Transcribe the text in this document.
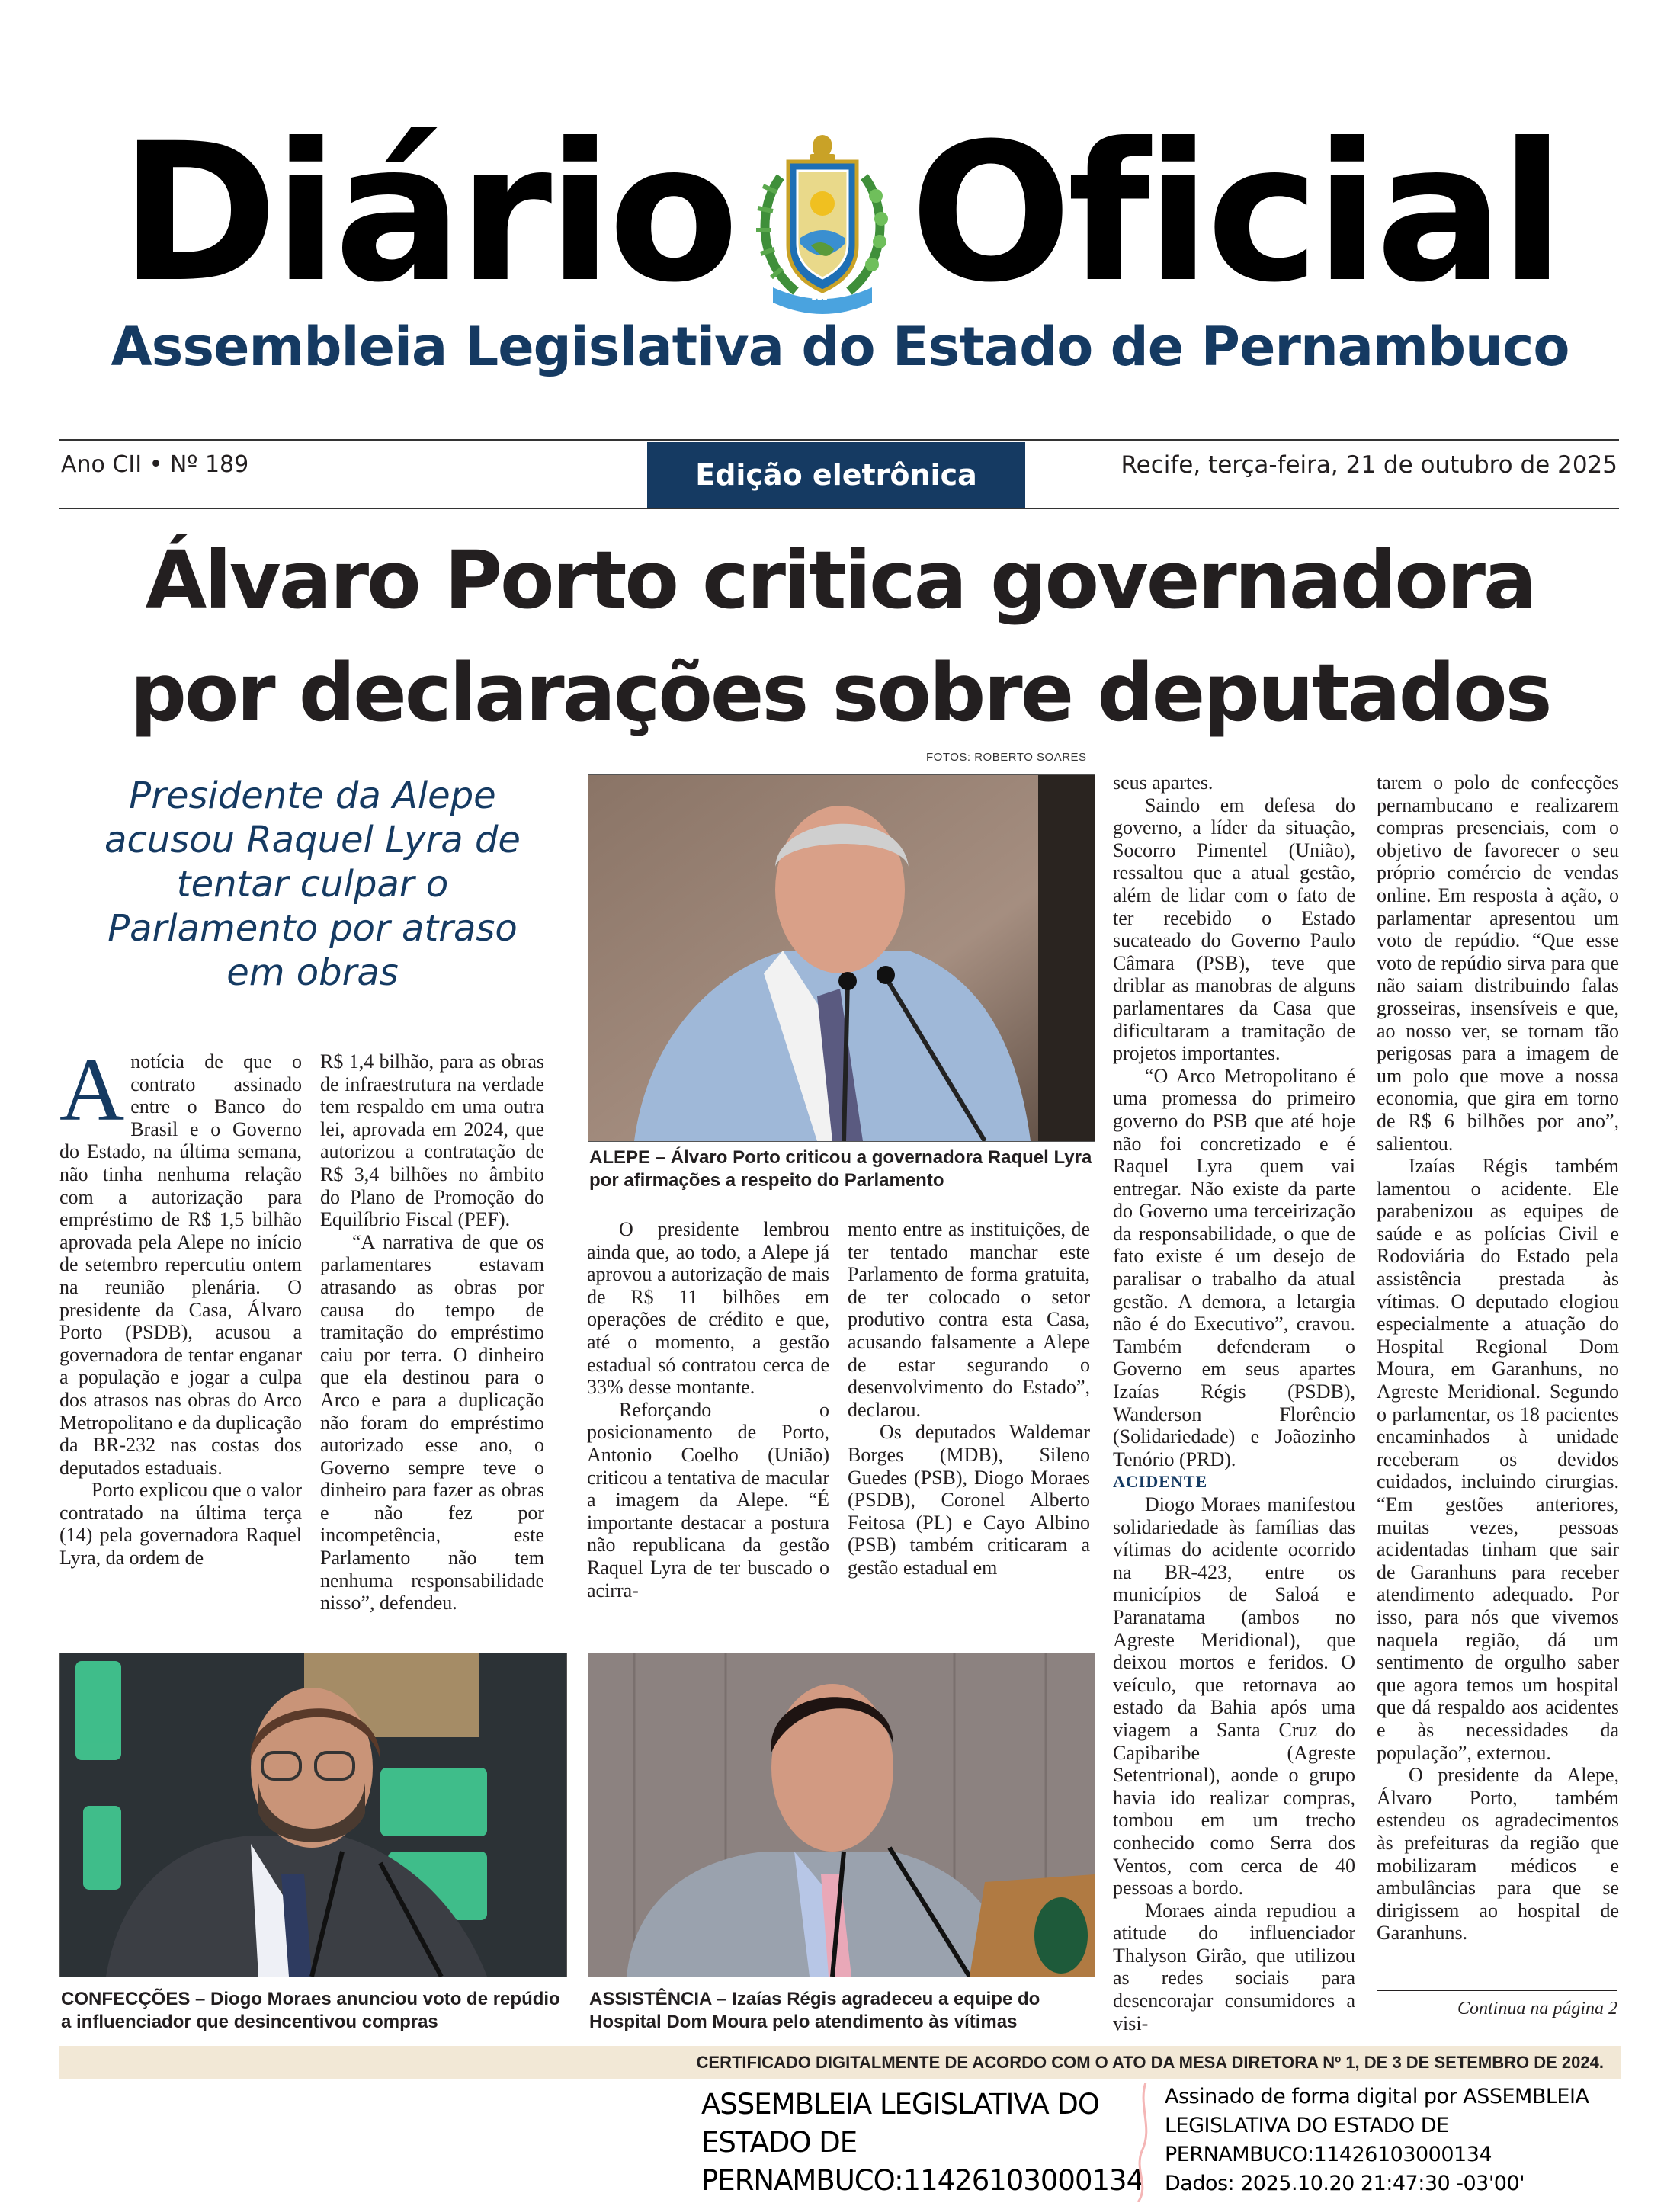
Diário Oficial
Assembleia Legislativa do Estado de Pernambuco
Ano CII • Nº 189	Edição eletrônica	Recife, terça-feira, 21 de outubro de 2025
Álvaro Porto critica governadora
por declarações sobre deputados
Presidente da Alepe acusou Raquel Lyra de tentar culpar o Parlamento por atraso em obras

Anotícia de que o contrato assinado entre o Banco do Brasil e o Governo do Estado, na última semana, não tinha nenhuma relação com a autorização para empréstimo de R$ 1,5 bilhão aprovada pela Alepe no início de setembro repercutiu ontem na reunião plenária. O presidente da Casa, Álvaro Porto (PSDB), acusou a governadora de tentar enganar a população e jogar a culpa dos atrasos nas obras do Arco Metropolitano e da duplicação da BR-232 nas costas dos deputados estaduais.

Porto explicou que o valor contratado na última terça (14) pela governadora Raquel Lyra, da ordem de

R$ 1,4 bilhão, para as obras de infraestrutura na verdade tem respaldo em uma outra lei, aprovada em 2024, que autorizou a contratação de R$ 3,4 bilhões no âmbito do Plano de Promoção do Equilíbrio Fiscal (PEF).

“A narrativa de que os parlamentares estavam atrasando as obras por causa do tempo de tramitação do empréstimo caiu por terra. O dinheiro que ela destinou para o Arco e para a duplicação não foram do empréstimo autorizado esse ano, o Governo sempre teve o dinheiro para fazer as obras e não fez por incompetência, este Parlamento não tem nenhuma responsabilidade nisso”, defendeu.

FOTOS: ROBERTO SOARES
ALEPE – Álvaro Porto criticou a governadora Raquel Lyra por afirmações a respeito do Parlamento

O presidente lembrou ainda que, ao todo, a Alepe já aprovou a autorização de mais de R$ 11 bilhões em operações de crédito e que, até o momento, a gestão estadual só contratou cerca de 33% desse montante.

Reforçando o posicionamento de Porto, Antonio Coelho (União) criticou a tentativa de macular a imagem da Alepe. “É importante destacar a postura não republicana da gestão Raquel Lyra de ter buscado o acirra-

mento entre as instituições, de ter tentado manchar este Parlamento de forma gratuita, de ter colocado o setor produtivo contra esta Casa, acusando falsamente a Alepe de estar segurando o desenvolvimento do Estado”, declarou.

Os deputados Waldemar Borges (MDB), Sileno Guedes (PSB), Diogo Moraes (PSDB), Coronel Alberto Feitosa (PL) e Cayo Albino (PSB) também criticaram a gestão estadual em

seus apartes.

Saindo em defesa do governo, a líder da situação, Socorro Pimentel (União), ressaltou que a atual gestão, além de lidar com o fato de ter recebido o Estado sucateado do Governo Paulo Câmara (PSB), teve que driblar as manobras de alguns parlamentares da Casa que dificultaram a tramitação de projetos importantes.

“O Arco Metropolitano é uma promessa do primeiro governo do PSB que até hoje não foi concretizado e é Raquel Lyra quem vai entregar. Não existe da parte do Governo uma terceirização da responsabilidade, o que de fato existe é um desejo de paralisar o trabalho da atual gestão. A demora, a letargia não é do Executivo”, cravou. Também defenderam o Governo em seus apartes Izaías Régis (PSDB), Wanderson Florêncio (Solidariedade) e Joãozinho Tenório (PRD).

ACIDENTE

Diogo Moraes manifestou solidariedade às famílias das vítimas do acidente ocorrido na BR-423, entre os municípios de Saloá e Paranatama (ambos no Agreste Meridional), que deixou mortos e feridos. O veículo, que retornava ao estado da Bahia após uma viagem a Santa Cruz do Capibaribe (Agreste Setentrional), aonde o grupo havia ido realizar compras, tombou em um trecho conhecido como Serra dos Ventos, com cerca de 40 pessoas a bordo.

Moraes ainda repudiou a atitude do influenciador Thalyson Girão, que utilizou as redes sociais para desencorajar consumidores a visi-

tarem o polo de confecções pernambucano e realizarem compras presenciais, com o objetivo de favorecer o seu próprio comércio de vendas online. Em resposta à ação, o parlamentar apresentou um voto de repúdio. “Que esse voto de repúdio sirva para que não saiam distribuindo falas grosseiras, insensíveis e que, ao nosso ver, se tornam tão perigosas para a imagem de um polo que move a nossa economia, que gira em torno de R$ 6 bilhões por ano”, salientou.

Izaías Régis também lamentou o acidente. Ele parabenizou as equipes de saúde e as polícias Civil e Rodoviária do Estado pela assistência prestada às vítimas. O deputado elogiou especialmente a atuação do Hospital Regional Dom Moura, em Garanhuns, no Agreste Meridional. Segundo o parlamentar, os 18 pacientes encaminhados à unidade receberam os devidos cuidados, incluindo cirurgias. “Em gestões anteriores, muitas vezes, pessoas acidentadas tinham que sair de Garanhuns para receber atendimento adequado. Por isso, para nós que vivemos naquela região, dá um sentimento de orgulho saber que agora temos um hospital que dá respaldo aos acidentes e às necessidades da população”, externou.

O presidente da Alepe, Álvaro Porto, também estendeu os agradecimentos às prefeituras da região que mobilizaram médicos e ambulâncias para que se dirigissem ao hospital de Garanhuns.

Continua na página 2
CONFECÇÕES – Diogo Moraes anunciou voto de repúdio a influenciador que desincentivou compras
ASSISTÊNCIA – Izaías Régis agradeceu a equipe do Hospital Dom Moura pelo atendimento às vítimas
CERTIFICADO DIGITALMENTE DE ACORDO COM O ATO DA MESA DIRETORA Nº 1, DE 3 DE SETEMBRO DE 2024.
ASSEMBLEIA LEGISLATIVA DO ESTADO DE PERNAMBUCO:11426103000134
Assinado de forma digital por ASSEMBLEIA
LEGISLATIVA DO ESTADO DE
PERNAMBUCO:11426103000134
Dados: 2025.10.20 21:47:30 -03'00'
